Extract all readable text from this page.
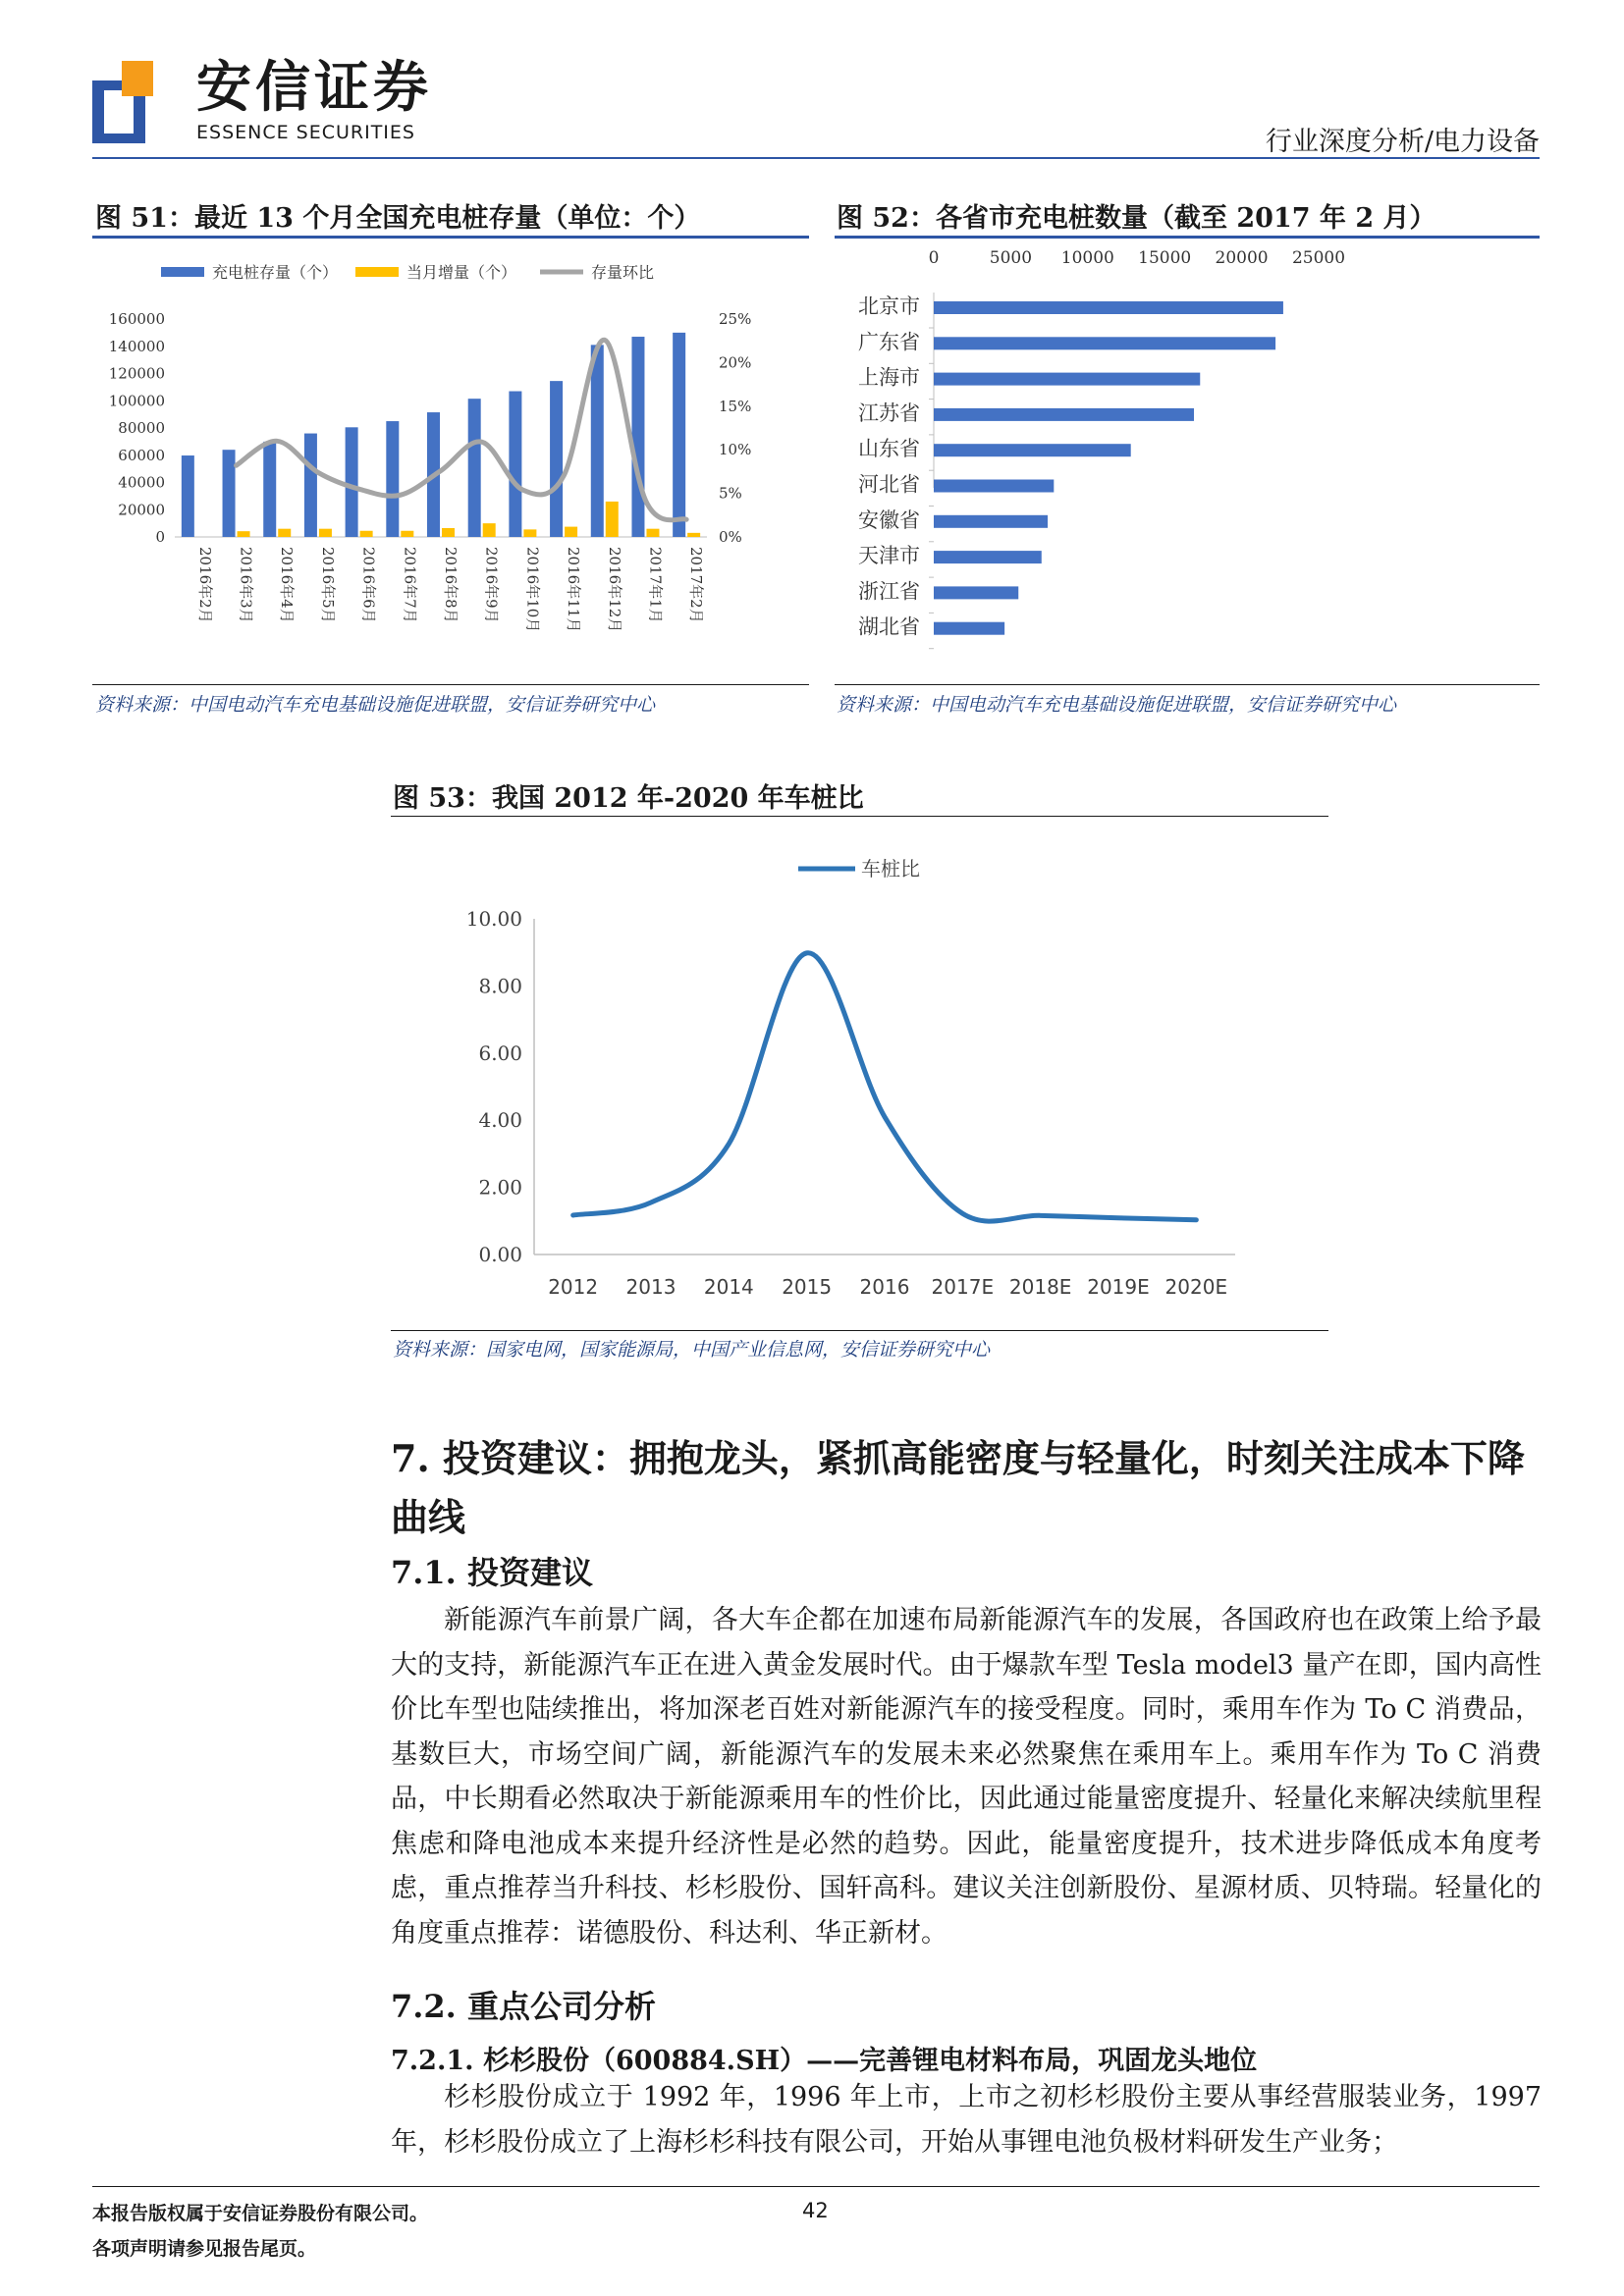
安信证券
ESSENCE SECURITIES	行业深度分析/电力设备
图 51：最近 13 个月全国充电桩存量（单位：个）
充电桩存量（个）	当月增量（个）	存量环比
0
20000
40000
60000
80000
100000
120000
140000
160000
0%
5%
10%
15%
20%
25%
2016年2月 2016年3月 2016年4月 2016年5月 2016年6月 2016年7月 2016年8月 2016年9月 2016年10月 2016年11月 2016年12月 2017年1月 2017年2月
资料来源：中国电动汽车充电基础设施促进联盟，安信证券研究中心
图 52：各省市充电桩数量（截至 2017 年 2 月）
0	5000 10000 15000 20000 25000
北京市
广东省
上海市
江苏省
山东省
河北省
安徽省
天津市
浙江省
湖北省
资料来源：中国电动汽车充电基础设施促进联盟，安信证券研究中心
图 53：我国 2012 年-2020 年车桩比
车桩比
0.00
2.00
4.00
6.00
8.00
10.00
2012 2013 2014 2015 2016 2017E 2018E 2019E 2020E
资料来源：国家电网，国家能源局，中国产业信息网，安信证券研究中心
7. 投资建议：拥抱龙头，紧抓高能密度与轻量化，时刻关注成本下降曲线
7.1. 投资建议
新能源汽车前景广阔，各大车企都在加速布局新能源汽车的发展，各国政府也在政策上给予最大的支持，新能源汽车正在进入黄金发展时代。由于爆款车型 Tesla model3 量产在即，国内高性价比车型也陆续推出，将加深老百姓对新能源汽车的接受程度。同时，乘用车作为 To C 消费品，基数巨大，市场空间广阔，新能源汽车的发展未来必然聚焦在乘用车上。乘用车作为 To C 消费品，中长期看必然取决于新能源乘用车的性价比，因此通过能量密度提升、轻量化来解决续航里程焦虑和降电池成本来提升经济性是必然的趋势。因此，能量密度提升，技术进步降低成本角度考虑，重点推荐当升科技、杉杉股份、国轩高科。建议关注创新股份、星源材质、贝特瑞。轻量化的角度重点推荐：诺德股份、科达利、华正新材。
7.2. 重点公司分析
7.2.1. 杉杉股份（600884.SH）——完善锂电材料布局，巩固龙头地位
杉杉股份成立于 1992 年，1996 年上市，上市之初杉杉股份主要从事经营服装业务，1997 年，杉杉股份成立了上海杉杉科技有限公司，开始从事锂电池负极材料研发生产业务；
本报告版权属于安信证券股份有限公司。
各项声明请参见报告尾页。
42
